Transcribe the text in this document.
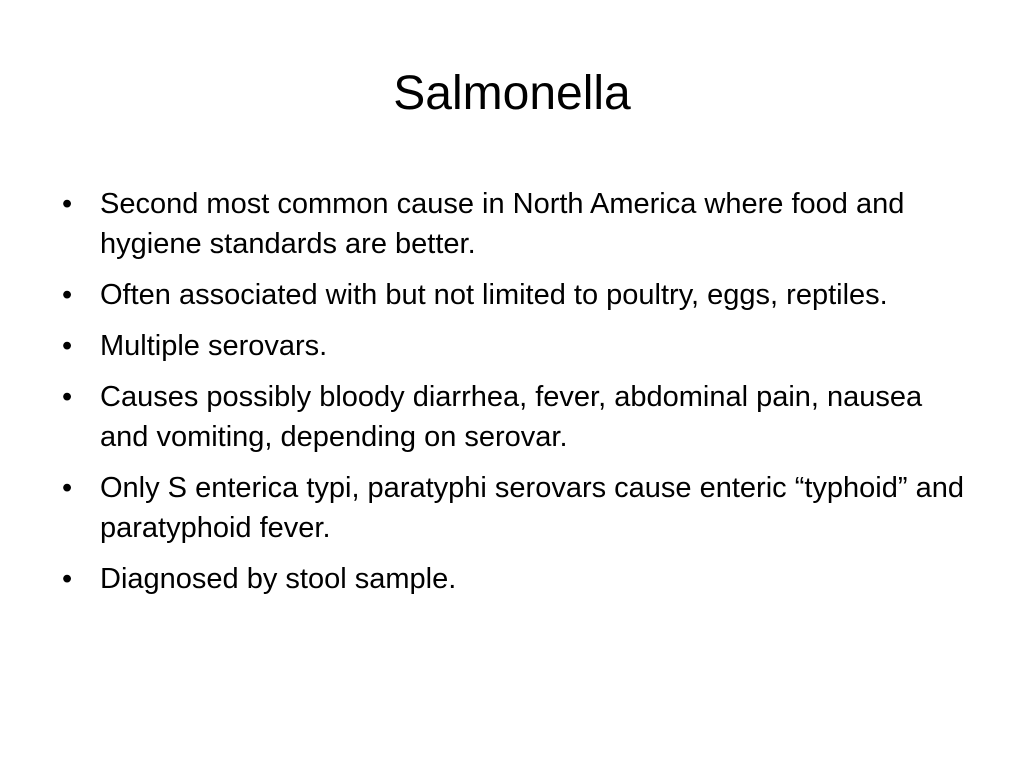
Salmonella
• Second most common cause in North America where food and hygiene standards are better.
• Often associated with but not limited to poultry, eggs, reptiles.
• Multiple serovars.
• Causes possibly bloody diarrhea, fever, abdominal pain, nausea and vomiting, depending on serovar.
• Only S enterica typi, paratyphi serovars cause enteric “typhoid” and paratyphoid fever.
• Diagnosed by stool sample.
